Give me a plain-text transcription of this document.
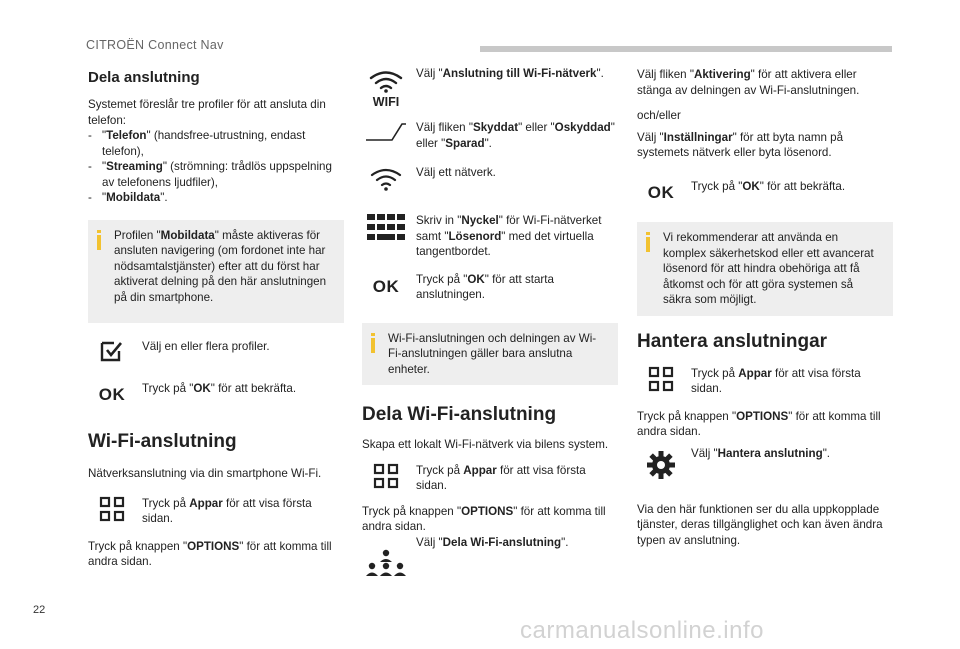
CITROËN Connect Nav
Dela anslutning

Systemet föreslår tre profiler för att ansluta din telefon:

- "Telefon" (handsfree-utrustning, endast telefon),
- "Streaming" (strömning: trådlös uppspelning av telefonens ljudfiler),
- "Mobildata".

Profilen "Mobildata" måste aktiveras för ansluten navigering (om fordonet inte har nödsamtalstjänster) efter att du först har aktiverat delning på den här anslutningen på din smartphone.

Välj en eller flera profiler.

OK	Tryck på "OK" för att bekräfta.

Wi-Fi-anslutning

Nätverksanslutning via din smartphone Wi-Fi.

Tryck på Appar för att visa första sidan.

Tryck på knappen "OPTIONS" för att komma till andra sidan.

WIFI

Välj "Anslutning till Wi-Fi-nätverk".

Välj fliken "Skyddat" eller "Oskyddad" eller "Sparad".

Välj ett nätverk.

Skriv in "Nyckel" för Wi-Fi-nätverket samt "Lösenord" med det virtuella tangentbordet.

OK	Tryck på "OK" för att starta anslutningen.

Wi-Fi-anslutningen och delningen av Wi-Fi-anslutningen gäller bara anslutna enheter.

Dela Wi-Fi-anslutning

Skapa ett lokalt Wi-Fi-nätverk via bilens system.

Tryck på Appar för att visa första sidan.

Tryck på knappen "OPTIONS" för att komma till andra sidan.

Välj "Dela Wi-Fi-anslutning".

Välj fliken "Aktivering" för att aktivera eller stänga av delningen av Wi-Fi-anslutningen.

och/eller

Välj "Inställningar" för att byta namn på systemets nätverk eller byta lösenord.

OK	Tryck på "OK" för att bekräfta.

Vi rekommenderar att använda en komplex säkerhetskod eller ett avancerat lösenord för att hindra obehöriga att få åtkomst och för att göra systemen så säkra som möjligt.

Hantera anslutningar

Tryck på Appar för att visa första sidan.

Tryck på knappen "OPTIONS" för att komma till andra sidan.

Välj "Hantera anslutning".

Via den här funktionen ser du alla uppkopplade tjänster, deras tillgänglighet och kan även ändra typen av anslutning.

22
carmanualsonline.info
